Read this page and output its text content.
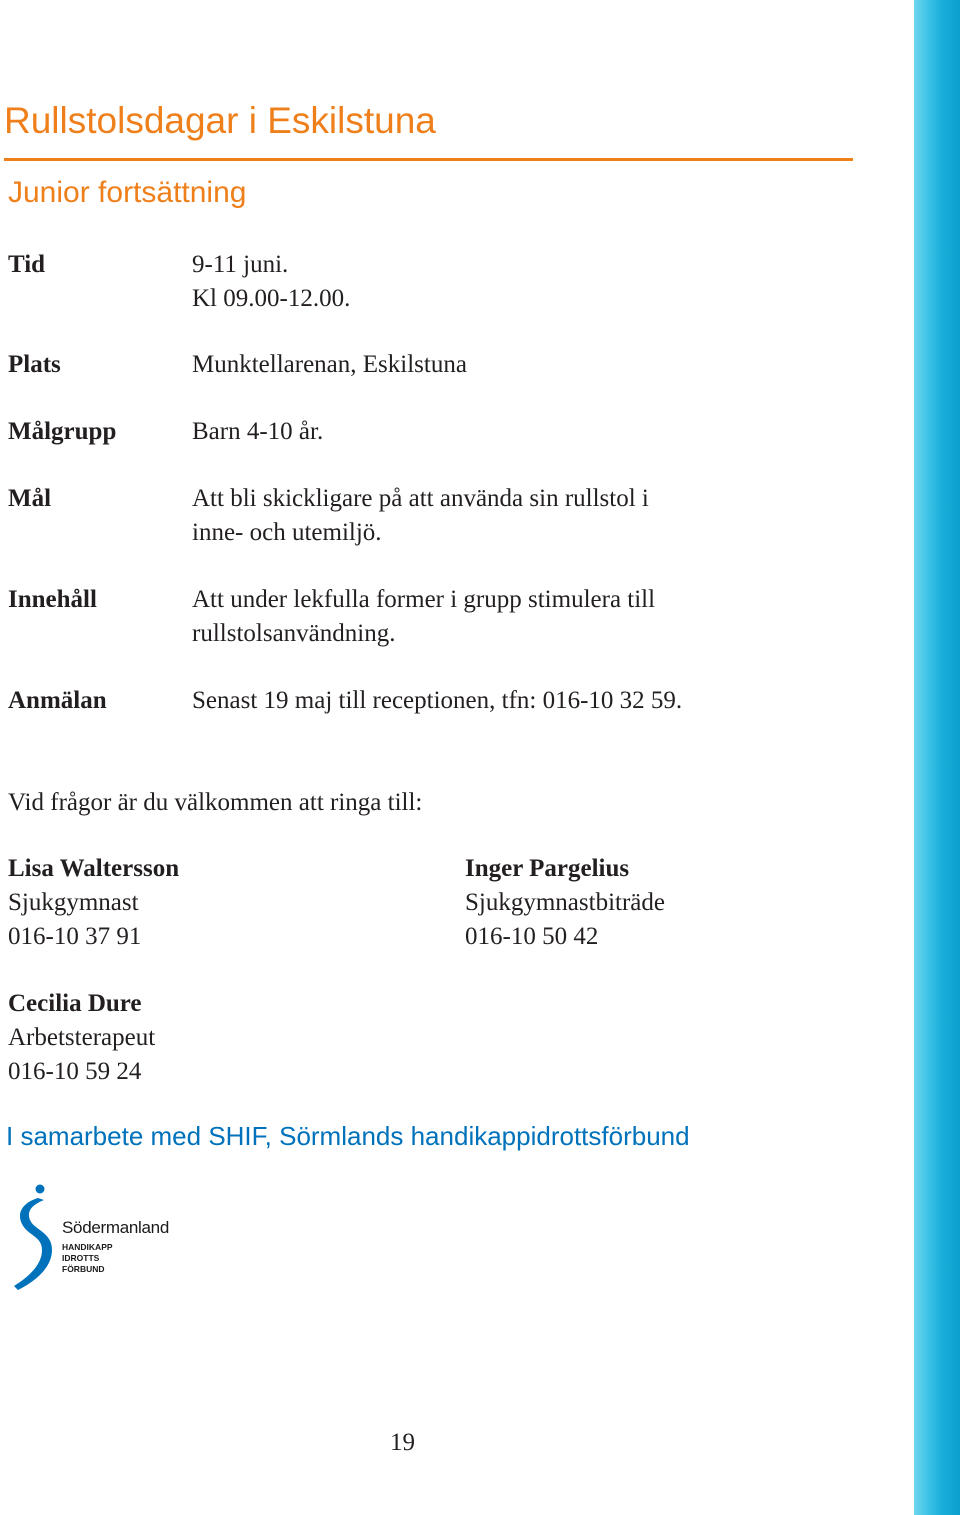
Rullstolsdagar i Eskilstuna
Junior fortsättning
Tid	9-11 juni.
Kl 09.00-12.00.
Plats	Munktellarenan, Eskilstuna
Målgrupp	Barn 4-10 år.
Mål	Att bli skickligare på att använda sin rullstol i
inne- och utemiljö.
Innehåll	Att under lekfulla former i grupp stimulera till
rullstolsanvändning.
Anmälan	Senast 19 maj till receptionen, tfn: 016-10 32 59.
Vid frågor är du välkommen att ringa till:
Lisa Waltersson
Sjukgymnast
016-10 37 91
Inger Pargelius
Sjukgymnastbiträde
016-10 50 42
Cecilia Dure
Arbetsterapeut
016-10 59 24
I samarbete med SHIF, Sörmlands handikappidrottsförbund
Södermanland
HANDIKAPP
IDROTTS
FÖRBUND
19
